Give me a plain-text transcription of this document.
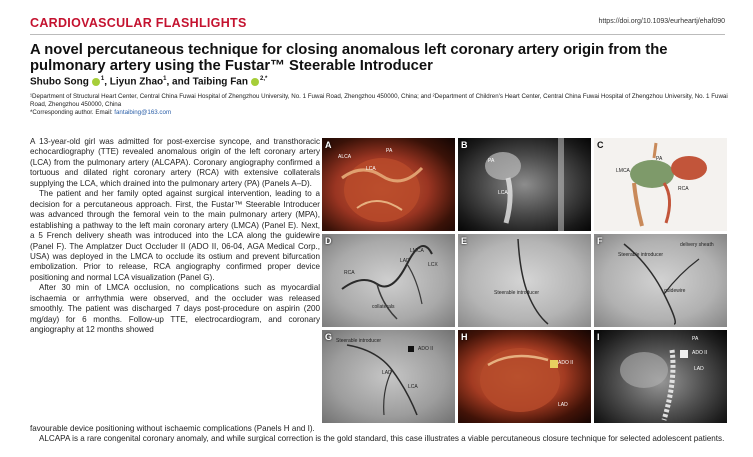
CARDIOVASCULAR FLASHLIGHTS	https://doi.org/10.1093/eurheartj/ehaf090
A novel percutaneous technique for closing anomalous left coronary artery origin from the pulmonary artery using the Fustar™ Steerable Introducer
Shubo Song $^1$, Liyun Zhao$^1$, and Taibing Fan $^{2,*}$

¹Department of Structural Heart Center, Central China Fuwai Hospital of Zhengzhou University, No. 1 Fuwai Road, Zhengzhou 450000, China; and ²Department of Children's Heart Center, Central China Fuwai Hospital of Zhengzhou University, No. 1 Fuwai Road, Zhengzhou 450000, China
*Corresponding author. Email: fantaibing@163.com

A 13-year-old girl was admitted for post-exercise syncope, and transthoracic echocardiography (TTE) revealed anomalous origin of the left coronary artery (LCA) from the pulmonary artery (ALCAPA). Coronary angiography confirmed a tortuous and dilated right coronary artery (RCA) with extensive collaterals supplying the LCA, which drained into the pulmonary artery (PA) (Panels A–D).

The patient and her family opted against surgical intervention, leading to a decision for a percutaneous approach. First, the Fustar™ Steerable Introducer was advanced through the femoral vein to the main pulmonary artery (MPA), establishing a pathway to the left main coronary artery (LMCA) (Panel E). Next, a 5 French delivery sheath was introduced into the LCA along the guidewire (Panel F). The Amplatzer Duct Occluder II (ADO II, 06-04, AGA Medical Corp., USA) was deployed in the LMCA to occlude its ostium and prevent bifurcation embolization. Prior to release, RCA angiography confirmed proper device positioning and normal LCA visualization (Panel G).

After 30 min of LMCA occlusion, no complications such as myocardial ischaemia or arrhythmia were observed, and the occluder was released smoothly. The patient was discharged 7 days post-procedure on aspirin (200 mg/day) for 6 months. Follow-up TTE, electrocardiogram, and coronary angiography at 12 months showed

favourable device positioning without ischaemic complications (Panels H and I).

ALCAPA is a rare congenital coronary anomaly, and while surgical correction is the gold standard, this case illustrates a viable percutaneous closure technique for selected adolescent patients.

A
ALCA
PA
LCA
B
PA
LCA
C
LMCA
PA
RCA
D
RCA
LMCA
LAD
LCX
collaterals
E
Steerable introducer
F	delivery sheath
Steerable introducer
guidewire
G Steerable introducer
ADO II
LAD
LCA
H
ADO II
LAD
I	PA
ADO II
LAD
